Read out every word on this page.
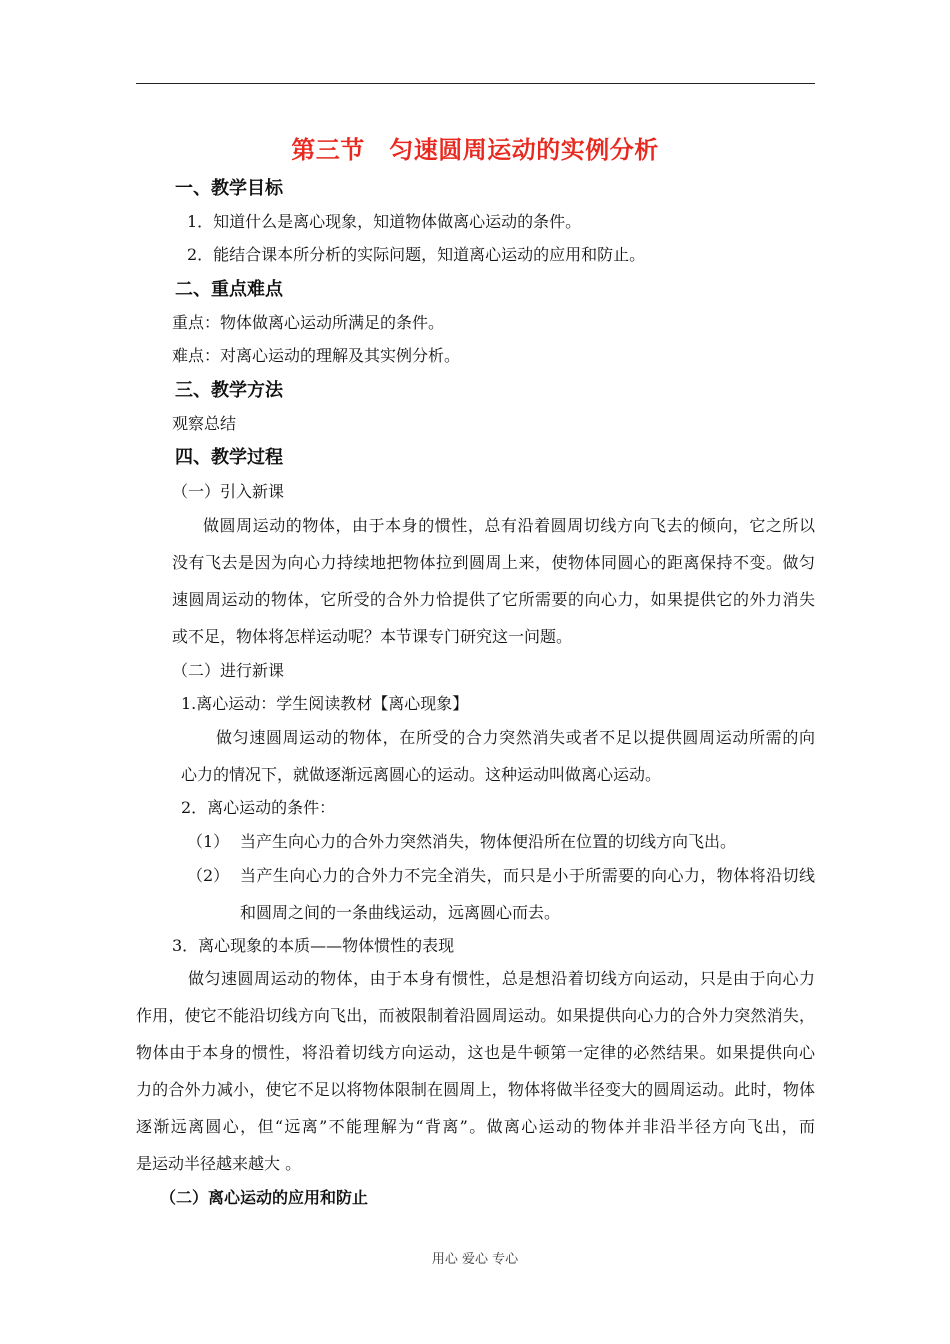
第三节　匀速圆周运动的实例分析
一、教学目标
1．知道什么是离心现象，知道物体做离心运动的条件。
2．能结合课本所分析的实际问题，知道离心运动的应用和防止。
二、重点难点
重点：物体做离心运动所满足的条件。
难点：对离心运动的理解及其实例分析。
三、教学方法
观察总结
四、教学过程
（一）引入新课
做圆周运动的物体，由于本身的惯性，总有沿着圆周切线方向飞去的倾向，它之所以
没有飞去是因为向心力持续地把物体拉到圆周上来，使物体同圆心的距离保持不变。做匀
速圆周运动的物体，它所受的合外力恰提供了它所需要的向心力，如果提供它的外力消失
或不足，物体将怎样运动呢？本节课专门研究这一问题。
（二）进行新课
1.离心运动：学生阅读教材【离心现象】
做匀速圆周运动的物体，在所受的合力突然消失或者不足以提供圆周运动所需的向
心力的情况下，就做逐渐远离圆心的运动。这种运动叫做离心运动。
2．离心运动的条件：
（1） 当产生向心力的合外力突然消失，物体便沿所在位置的切线方向飞出。
（2） 当产生向心力的合外力不完全消失，而只是小于所需要的向心力，物体将沿切线
和圆周之间的一条曲线运动，远离圆心而去。
3．离心现象的本质——物体惯性的表现
做匀速圆周运动的物体，由于本身有惯性，总是想沿着切线方向运动，只是由于向心力
作用，使它不能沿切线方向飞出，而被限制着沿圆周运动。如果提供向心力的合外力突然消失，
物体由于本身的惯性，将沿着切线方向运动，这也是牛顿第一定律的必然结果。如果提供向心
力的合外力减小，使它不足以将物体限制在圆周上，物体将做半径变大的圆周运动。此时，物体
逐渐远离圆心，但“远离”不能理解为“背离”。做离心运动的物体并非沿半径方向飞出，而
是运动半径越来越大 。
（二）离心运动的应用和防止
用心 爱心 专心
